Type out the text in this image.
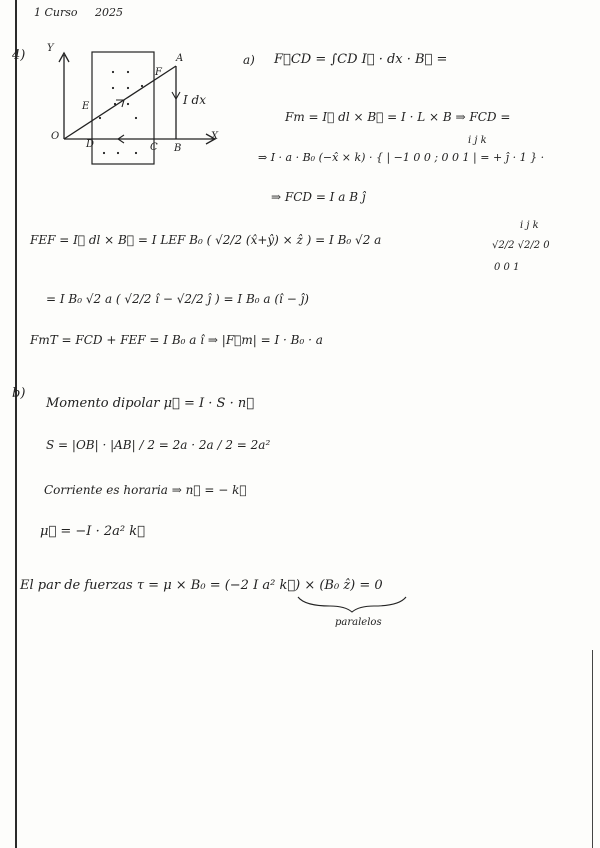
1 Curso 2025
4) Y
X
O
A
B
C
D
E
F
I dx
a) F⃗CD = ∫CD I⃗ · dx · B⃗ =
Fm = I⃗ dl × B⃗ = I · L × B ⇒ FCD =
i j k
⇒ I · a · B₀ (−x̂ × k) · { | −1 0 0 ; 0 0 1 | = + ĵ · 1 } ·
⇒ FCD = I a B ĵ
FEF = I⃗ dl × B⃗ = I LEF B₀ ( √2/2 (x̂+ŷ) × ẑ ) = I B₀ √2 a
i j k
√2/2 √2/2 0
0 0 1
= I B₀ √2 a ( √2/2 î − √2/2 ĵ ) = I B₀ a (î − ĵ)
FmT = FCD + FEF = I B₀ a î ⇒ |F⃗m| = I · B₀ · a
b)
Momento dipolar μ⃗ = I · S · n⃗
S = |OB| · |AB| / 2 = 2a · 2a / 2 = 2a²
Corriente es horaria ⇒ n⃗ = − k⃗
μ⃗ = −I · 2a² k⃗
El par de fuerzas τ = μ × B₀ = (−2 I a² k⃗) × (B₀ ẑ) = 0
paralelos
